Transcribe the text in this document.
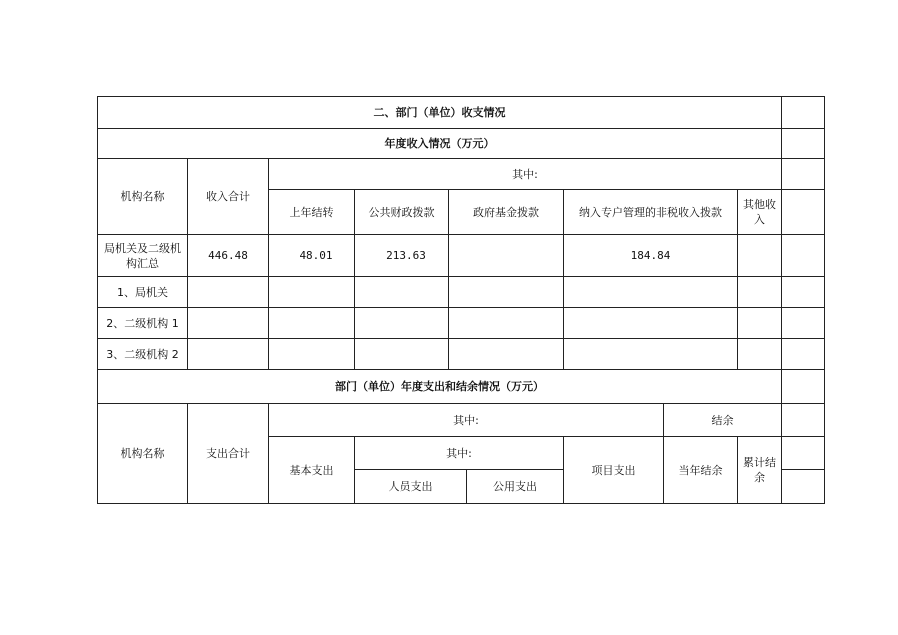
二、部门（单位）收支情况									
年度收入情况（万元）									
机构名称	收入合计	其中:							
		上年结转	公共财政拨款	政府基金拨款		纳入专户管理的非税收入拨款		其他收入	
局机关及二级机构汇总	446.48	48.01	213.63			184.84			
1、局机关									
2、二级机构 1									
3、二级机构 2									
部门（单位）年度支出和结余情况（万元）									
机构名称	支出合计	其中:					结余		
		基本支出	其中:			项目支出	当年结余	累计结余	
			人员支出		公用支出				
